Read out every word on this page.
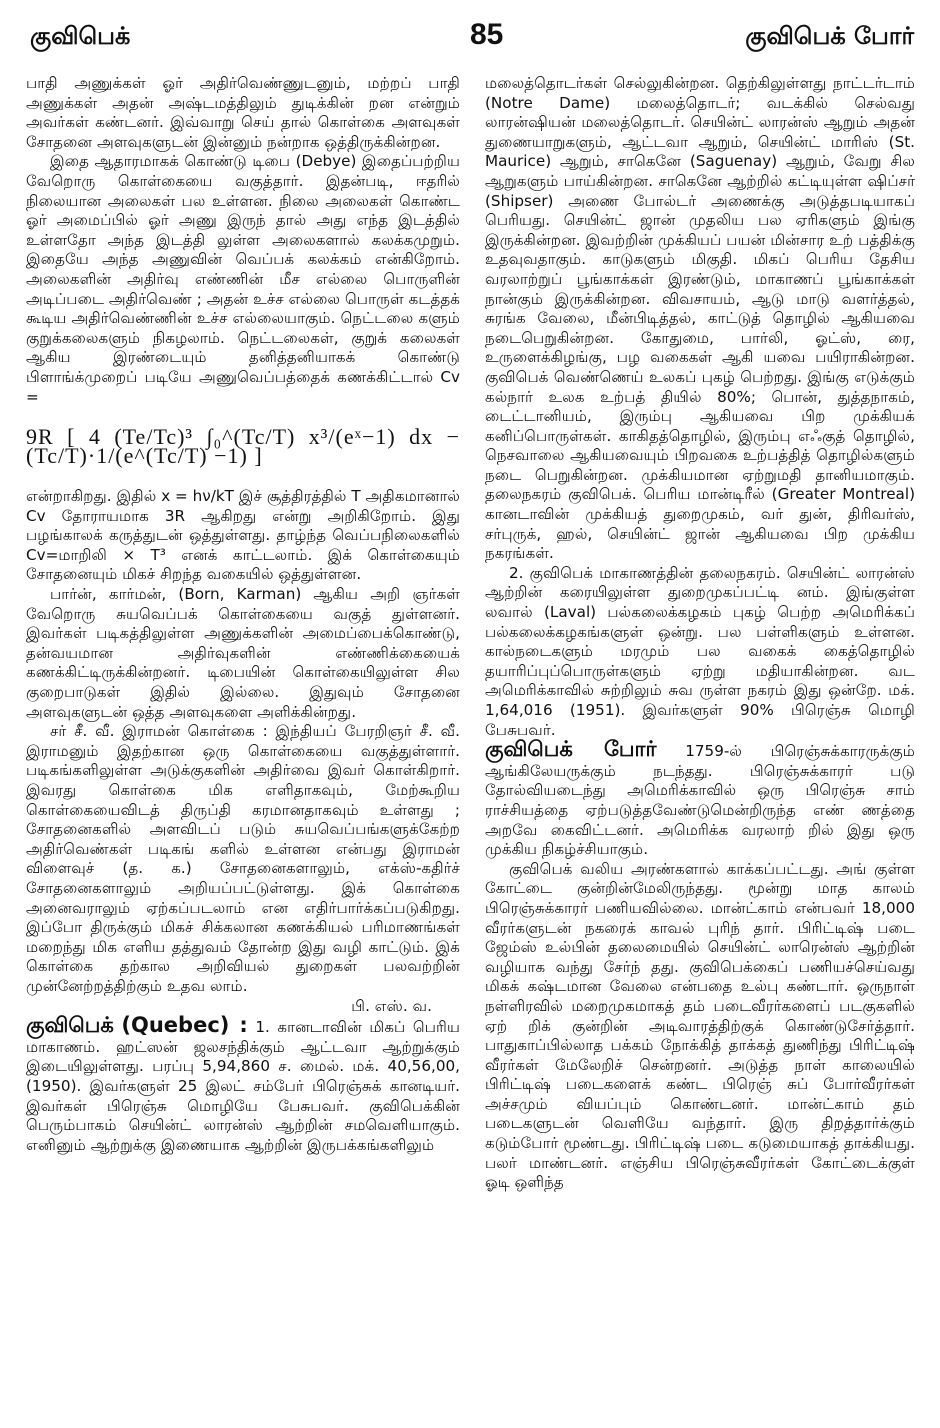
குவிபெக்	85	குவிபெக் போர்

பாதி அணுக்கள் ஓர் அதிர்வெண்ணுடனும், மற்றப் பாதி அணுக்கள் அதன் அஷ்டமத்திலும் துடிக்கின் றன என்றும் அவர்கள் கண்டனர். இவ்வாறு செய் தால் கொள்கை அளவுகள் சோதனை அளவுகளுடன் இன்னும் நன்றாக ஒத்திருக்கின்றன.

இதை ஆதாரமாகக் கொண்டு டிபை (Debye) இதைப்பற்றிய வேறொரு கொள்கையை வகுத்தார். இதன்படி, ஈதரில் நிலையான அலைகள் பல உள்ளன. நிலை அலைகள் கொண்ட ஓர் அமைப்பில் ஓர் அணு இருந் தால் அது எந்த இடத்தில் உள்ளதோ அந்த இடத்தி லுள்ள அலைகளால் கலக்கமுறும். இதையே அந்த அணுவின் வெப்பக் கலக்கம் என்கிறோம். அலைகளின் அதிர்வு எண்ணின் மீச எல்லை பொருளின் அடிப்படை அதிர்வெண் ; அதன் உச்ச எல்லை பொருள் கடத்தக் கூடிய அதிர்வெண்ணின் உச்ச எல்லையாகும். நெட்டலை களும் குறுக்கலைகளும் நிகழலாம். நெட்டலைகள், குறுக் கலைகள் ஆகிய இரண்டையும் தனித்தனியாகக் கொண்டு பிளாங்க்முறைப் படியே அணுவெப்பத்தைக் கணக்கிட்டால் Cv =

9R [ 4 (Te/Tc)³ ∫₀^(Tc/T) x³/(eˣ−1) dx − (Tc/T)·1/(e^(Tc/T) −1) ]

என்றாகிறது. இதில் x = hν/kT இச் சூத்திரத்தில் T அதிகமானால் Cv தோராயமாக 3R ஆகிறது என்று அறிகிறோம். இது பழங்காலக் கருத்துடன் ஒத்துள்ளது. தாழ்ந்த வெப்பநிலைகளில் Cv=மாறிலி × T³ எனக் காட்டலாம். இக் கொள்கையும் சோதனையும் மிகச் சிறந்த வகையில் ஒத்துள்ளன.

பார்ன், கார்மன், (Born, Karman) ஆகிய அறி ஞர்கள் வேறொரு சுயவெப்பக் கொள்கையை வகுத் துள்ளனர். இவர்கள் படிகத்திலுள்ள அணுக்களின் அமைப்பைக்கொண்டு, தன்வயமான அதிர்வுகளின் எண்ணிக்கையைக் கணக்கிட்டிருக்கின்றனர். டிபையின் கொள்கையிலுள்ள சில குறைபாடுகள் இதில் இல்லை. இதுவும் சோதனை அளவுகளுடன் ஒத்த அளவுகளை அளிக்கின்றது.

சர் சீ. வீ. இராமன் கொள்கை : இந்தியப் பேரறிஞர் சீ. வீ. இராமனும் இதற்கான ஒரு கொள்கையை வகுத்துள்ளார். படிகங்களிலுள்ள அடுக்குகளின் அதிர்வை இவர் கொள்கிறார். இவரது கொள்கை மிக எளிதாகவும், மேற்கூறிய கொள்கையைவிடத் திருப்தி கரமானதாகவும் உள்ளது ; சோதனைகளில் அளவிடப் படும் சுயவெப்பங்களுக்கேற்ற அதிர்வெண்கள் படிகங் களில் உள்ளன என்பது இராமன் விளைவுச் (த. க.) சோதனைகளாலும், எக்ஸ்-கதிர்ச் சோதனைகளாலும் அறியப்பட்டுள்ளது. இக் கொள்கை அனைவராலும் ஏற்கப்படலாம் என எதிர்பார்க்கப்படுகிறது. இப்போ திருக்கும் மிகச் சிக்கலான கணக்கியல் பரிமாணங்கள் மறைந்து மிக எளிய தத்துவம் தோன்ற இது வழி காட்டும். இக் கொள்கை தற்கால அறிவியல் துறைகள் பலவற்றின் முன்னேற்றத்திற்கும் உதவ லாம்.

பி. எஸ். வ.

குவிபெக் (Quebec) : 1. கானடாவின் மிகப் பெரிய மாகாணம். ஹட்ஸன் ஜலசந்திக்கும் ஆட்டவா ஆற்றுக்கும் இடையிலுள்ளது. பரப்பு 5,94,860 ச. மைல். மக். 40,56,00, (1950). இவர்களுள் 25 இலட் சம்பேர் பிரெஞ்சுக் கானடியர். இவர்கள் பிரெஞ்சு மொழியே பேசுபவர். குவிபெக்கின் பெரும்பாகம் செயின்ட் லாரன்ஸ் ஆற்றின் சமவெளியாகும். எனினும் ஆற்றுக்கு இணையாக ஆற்றின் இருபக்கங்களிலும்

மலைத்தொடர்கள் செல்லுகின்றன. தெற்கிலுள்ளது நாட்டர்டாம் (Notre Dame) மலைத்தொடர்; வடக்கில் செல்வது லாரன்ஷியன் மலைத்தொடர். செயின்ட் லாரன்ஸ் ஆறும் அதன் துணையாறுகளும், ஆட்டவா ஆறும், செயின்ட் மாரிஸ் (St. Maurice) ஆறும், சாகெனே (Saguenay) ஆறும், வேறு சில ஆறுகளும் பாய்கின்றன. சாகெனே ஆற்றில் கட்டியுள்ள ஷிப்சர் (Shipser) அணை போல்டர் அணைக்கு அடுத்தபடியாகப் பெரியது. செயின்ட் ஜான் முதலிய பல ஏரிகளும் இங்கு இருக்கின்றன. இவற்றின் முக்கியப் பயன் மின்சார உற் பத்திக்கு உதவுவதாகும். காடுகளும் மிகுதி. மிகப் பெரிய தேசிய வரலாற்றுப் பூங்காக்கள் இரண்டும், மாகாணப் பூங்காக்கள் நான்கும் இருக்கின்றன. விவசாயம், ஆடு மாடு வளர்த்தல், சுரங்க வேலை, மீன்பிடித்தல், காட்டுத் தொழில் ஆகியவை நடைபெறுகின்றன. கோதுமை, பார்லி, ஓட்ஸ், ரை, உருளைக்கிழங்கு, பழ வகைகள் ஆகி யவை பயிராகின்றன. குவிபெக் வெண்ணெய் உலகப் புகழ் பெற்றது. இங்கு எடுக்கும் கல்நார் உலக உற்பத் தியில் 80%; பொன், துத்தநாகம், டைட்டானியம், இரும்பு ஆகியவை பிற முக்கியக் கனிப்பொருள்கள். காகிதத்தொழில், இரும்பு எஃகுத் தொழில், நெசவாலை ஆகியவையும் பிறவகை உற்பத்தித் தொழில்களும் நடை பெறுகின்றன. முக்கியமான ஏற்றுமதி தானியமாகும். தலைநகரம் குவிபெக். பெரிய மான்டிரீல் (Greater Montreal) கானடாவின் முக்கியத் துறைமுகம், வர் துன், திரிவர்ஸ், சர்புருக், ஹல், செயின்ட் ஜான் ஆகியவை பிற முக்கிய நகரங்கள்.

2. குவிபெக் மாகாணத்தின் தலைநகரம். செயின்ட் லாரன்ஸ் ஆற்றின் கரையிலுள்ள துறைமுகப்பட்டி னம். இங்குள்ள லவால் (Laval) பல்கலைக்கழகம் புகழ் பெற்ற அமெரிக்கப் பல்கலைக்கழகங்களுள் ஒன்று. பல பள்ளிகளும் உள்ளன. கால்நடைகளும் மரமும் பல வகைக் கைத்தொழில் தயாரிப்புப்பொருள்களும் ஏற்று மதியாகின்றன. வட அமெரிக்காவில் சுற்றிலும் சுவ ருள்ள நகரம் இது ஒன்றே. மக். 1,64,016 (1951). இவர்களுள் 90% பிரெஞ்சு மொழி பேசுபவர்.

குவிபெக் போர் 1759-ல் பிரெஞ்சுக்காரருக்கும் ஆங்கிலேயருக்கும் நடந்தது. பிரெஞ்சுக்காரர் படு தோல்வியடைந்து அமெரிக்காவில் ஒரு பிரெஞ்சு சாம் ராச்சியத்தை ஏற்படுத்தவேண்டுமென்றிருந்த எண் ணத்தை அறவே கைவிட்டனர். அமெரிக்க வரலாற் றில் இது ஒரு முக்கிய நிகழ்ச்சியாகும்.

குவிபெக் வலிய அரண்களால் காக்கப்பட்டது. அங் குள்ள கோட்டை குன்றின்மேலிருந்தது. மூன்று மாத காலம் பிரெஞ்சுக்காரர் பணியவில்லை. மான்ட்காம் என்பவர் 18,000 வீரர்களுடன் நகரைக் காவல் புரிந் தார். பிரிட்டிஷ் படை ஜேம்ஸ் உல்பின் தலைமையில் செயின்ட் லாரென்ஸ் ஆற்றின் வழியாக வந்து சேர்ந் தது. குவிபெக்கைப் பணியச்செய்வது மிகக் கஷ்டமான வேலை என்பதை உல்பு கண்டார். ஒருநாள் நள்ளிரவில் மறைமுகமாகத் தம் படைவீரர்களைப் படகுகளில் ஏற் றிக் குன்றின் அடிவாரத்திற்குக் கொண்டுசேர்த்தார். பாதுகாப்பில்லாத பக்கம் நோக்கித் தாக்கத் துணிந்து பிரிட்டிஷ் வீரர்கள் மேலேறிச் சென்றனர். அடுத்த நாள் காலையில் பிரிட்டிஷ் படைகளைக் கண்ட பிரெஞ் சுப் போர்வீரர்கள் அச்சமும் வியப்பும் கொண்டனர். மான்ட்காம் தம் படைகளுடன் வெளியே வந்தார். இரு திறத்தார்க்கும் கடும்போர் மூண்டது. பிரிட்டிஷ் படை கடுமையாகத் தாக்கியது. பலர் மாண்டனர். எஞ்சிய பிரெஞ்சுவீரர்கள் கோட்டைக்குள் ஓடி ஒளிந்த
